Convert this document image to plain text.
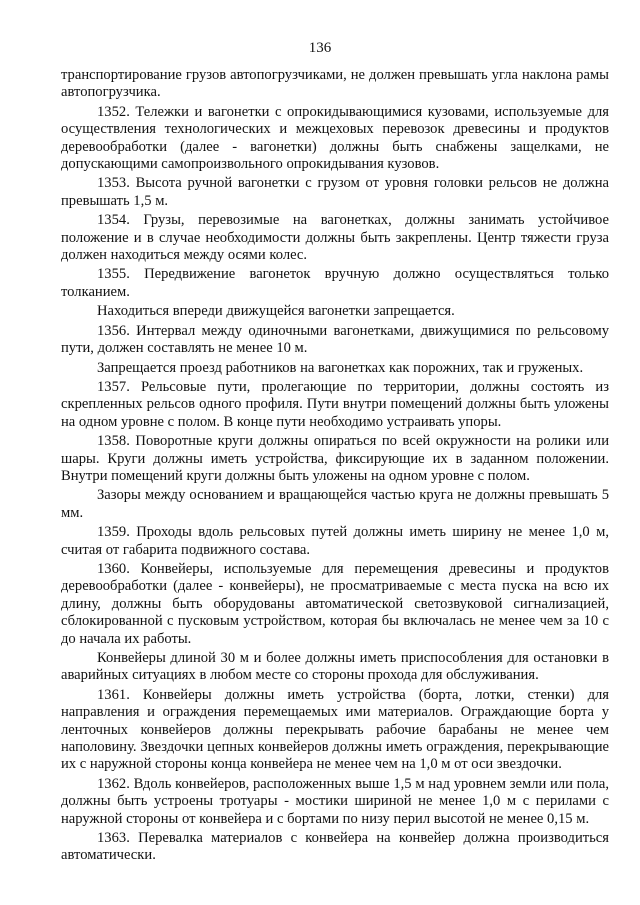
136

транспортирование грузов автопогрузчиками, не должен превышать угла наклона рамы автопогрузчика.

1352. Тележки и вагонетки с опрокидывающимися кузовами, используемые для осуществления технологических и межцеховых перевозок древесины и продуктов деревообработки (далее - вагонетки) должны быть снабжены защелками, не допускающими самопроизвольного опрокидывания кузовов.

1353. Высота ручной вагонетки с грузом от уровня головки рельсов не должна превышать 1,5 м.

1354. Грузы, перевозимые на вагонетках, должны занимать устойчивое положение и в случае необходимости должны быть закреплены. Центр тяжести груза должен находиться между осями колес.

1355. Передвижение вагонеток вручную должно осуществляться только толканием.

Находиться впереди движущейся вагонетки запрещается.

1356. Интервал между одиночными вагонетками, движущимися по рельсовому пути, должен составлять не менее 10 м.

Запрещается проезд работников на вагонетках как порожних, так и груженых.

1357. Рельсовые пути, пролегающие по территории, должны состоять из скрепленных рельсов одного профиля. Пути внутри помещений должны быть уложены на одном уровне с полом. В конце пути необходимо устраивать упоры.

1358. Поворотные круги должны опираться по всей окружности на ролики или шары. Круги должны иметь устройства, фиксирующие их в заданном положении. Внутри помещений круги должны быть уложены на одном уровне с полом.

Зазоры между основанием и вращающейся частью круга не должны превышать 5 мм.

1359. Проходы вдоль рельсовых путей должны иметь ширину не менее 1,0 м, считая от габарита подвижного состава.

1360. Конвейеры, используемые для перемещения древесины и продуктов деревообработки (далее - конвейеры), не просматриваемые с места пуска на всю их длину, должны быть оборудованы автоматической светозвуковой сигнализацией, сблокированной с пусковым устройством, которая бы включалась не менее чем за 10 с до начала их работы.

Конвейеры длиной 30 м и более должны иметь приспособления для остановки в аварийных ситуациях в любом месте со стороны прохода для обслуживания.

1361. Конвейеры должны иметь устройства (борта, лотки, стенки) для направления и ограждения перемещаемых ими материалов. Ограждающие борта у ленточных конвейеров должны перекрывать рабочие барабаны не менее чем наполовину. Звездочки цепных конвейеров должны иметь ограждения, перекрывающие их с наружной стороны конца конвейера не менее чем на 1,0 м от оси звездочки.

1362. Вдоль конвейеров, расположенных выше 1,5 м над уровнем земли или пола, должны быть устроены тротуары - мостики шириной не менее 1,0 м с перилами с наружной стороны от конвейера и с бортами по низу перил высотой не менее 0,15 м.

1363. Перевалка материалов с конвейера на конвейер должна производиться автоматически.
